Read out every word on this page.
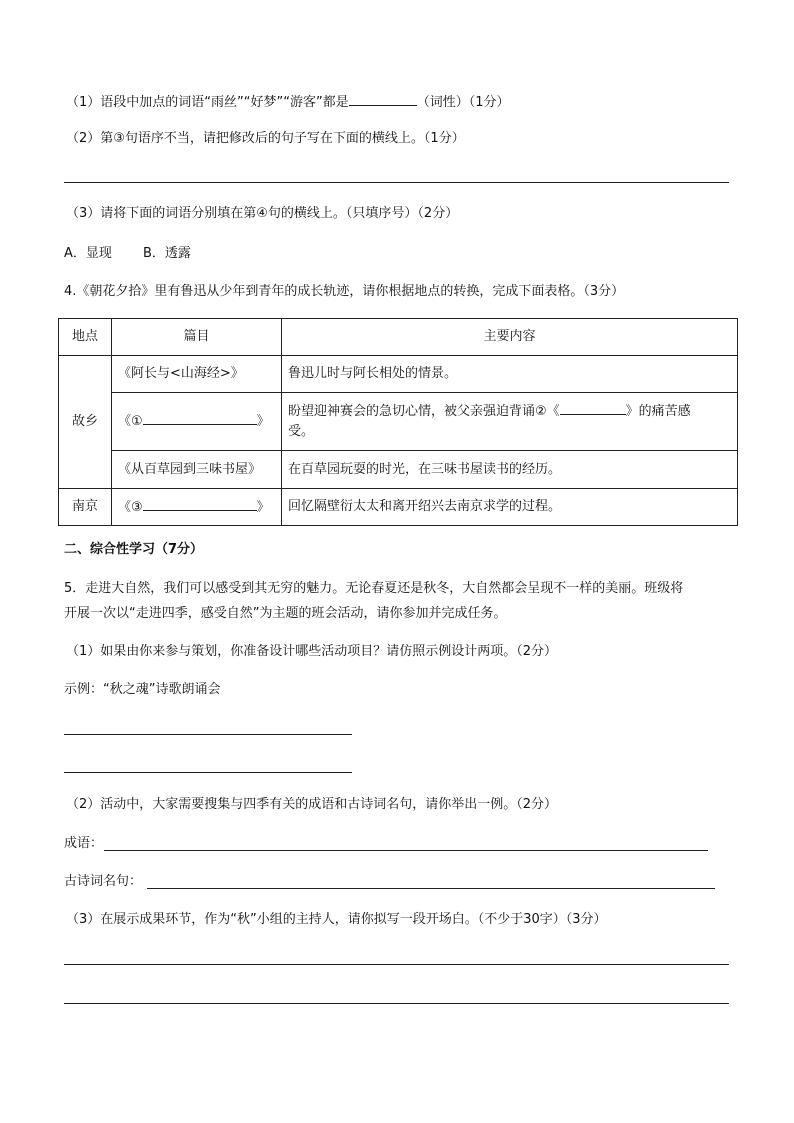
（1）语段中加点的词语“雨丝”“好梦”“游客”都是	（词性）（1分）
（2）第③句语序不当，请把修改后的句子写在下面的横线上。（1分）
（3）请将下面的词语分别填在第④句的横线上。（只填序号）（2分）
A．显现 B．透露
4.《朝花夕拾》里有鲁迅从少年到青年的成长轨迹，请你根据地点的转换，完成下面表格。（3分）
地点	篇目	主要内容
故乡	《阿长与<山海经>》	鲁迅儿时与阿长相处的情景。
	《① 》	盼望迎神赛会的急切心情，被父亲强迫背诵②《 》的痛苦感
受。

	《从百草园到三味书屋》	在百草园玩耍的时光，在三味书屋读书的经历。
南京	《③ 》	回忆隔壁衍太太和离开绍兴去南京求学的过程。
二、综合性学习（7分）
5．走进大自然，我们可以感受到其无穷的魅力。无论春夏还是秋冬，大自然都会呈现不一样的美丽。班级将
开展一次以“走进四季，感受自然”为主题的班会活动，请你参加并完成任务。
（1）如果由你来参与策划，你准备设计哪些活动项目？请仿照示例设计两项。（2分）
示例：“秋之魂”诗歌朗诵会
（2）活动中，大家需要搜集与四季有关的成语和古诗词名句，请你举出一例。（2分）
成语：
古诗词名句：
（3）在展示成果环节，作为“秋”小组的主持人，请你拟写一段开场白。（不少于30字）（3分）
